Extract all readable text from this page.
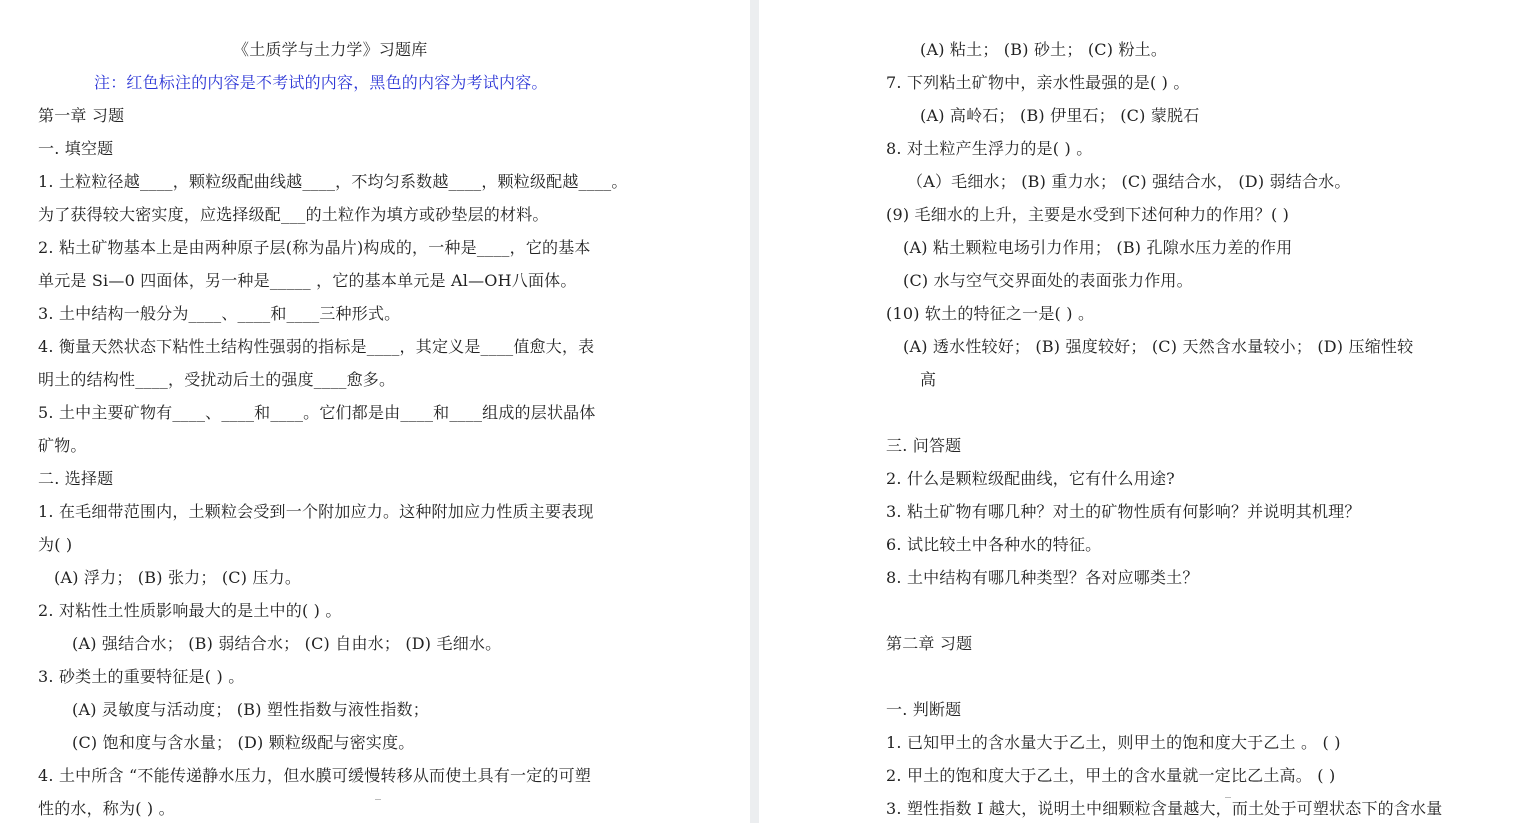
《土质学与土力学》习题库
注：红色标注的内容是不考试的内容，黑色的内容为考试内容。
第一章 习题
一. 填空题
1. 土粒粒径越____，颗粒级配曲线越____，不均匀系数越____，颗粒级配越____。
为了获得较大密实度，应选择级配___的土粒作为填方或砂垫层的材料。
2. 粘土矿物基本上是由两种原子层(称为晶片)构成的，一种是____，它的基本
单元是 Si—0 四面体，另一种是_____ ，它的基本单元是 Al—OH八面体。
3. 土中结构一般分为____、____和____三种形式。
4. 衡量天然状态下粘性土结构性强弱的指标是____，其定义是____值愈大，表
明土的结构性____，受扰动后土的强度____愈多。
5. 土中主要矿物有____、____和____。它们都是由____和____组成的层状晶体
矿物。
二. 选择题
1. 在毛细带范围内，土颗粒会受到一个附加应力。这种附加应力性质主要表现
为( )
(A) 浮力； (B) 张力； (C) 压力。
2. 对粘性土性质影响最大的是土中的( ) 。
(A) 强结合水； (B) 弱结合水； (C) 自由水； (D) 毛细水。
3. 砂类土的重要特征是( ) 。
(A) 灵敏度与活动度； (B) 塑性指数与液性指数；
(C) 饱和度与含水量； (D) 颗粒级配与密实度。
4. 土中所含 “不能传递静水压力，但水膜可缓慢转移从而使土具有一定的可塑
性的水，称为( ) 。
(A) 粘土； (B) 砂土； (C) 粉土。
7. 下列粘土矿物中，亲水性最强的是( ) 。
(A) 高岭石； (B) 伊里石； (C) 蒙脱石
8. 对土粒产生浮力的是( ) 。
（A）毛细水； (B) 重力水； (C) 强结合水， (D) 弱结合水。
(9) 毛细水的上升，主要是水受到下述何种力的作用？( )
(A) 粘土颗粒电场引力作用； (B) 孔隙水压力差的作用
(C) 水与空气交界面处的表面张力作用。
(10) 软土的特征之一是( ) 。
(A) 透水性较好； (B) 强度较好； (C) 天然含水量较小； (D) 压缩性较
高
三. 问答题
2. 什么是颗粒级配曲线，它有什么用途?
3. 粘土矿物有哪几种？对土的矿物性质有何影响？并说明其机理？
6. 试比较土中各种水的特征。
8. 土中结构有哪几种类型？各对应哪类土？
第二章 习题
一. 判断题
1. 已知甲土的含水量大于乙土，则甲土的饱和度大于乙土 。 ( )
2. 甲土的饱和度大于乙土，甲土的含水量就一定比乙土高。 ( )
3. 塑性指数 I 越大，说明土中细颗粒含量越大，而土处于可塑状态下的含水量
